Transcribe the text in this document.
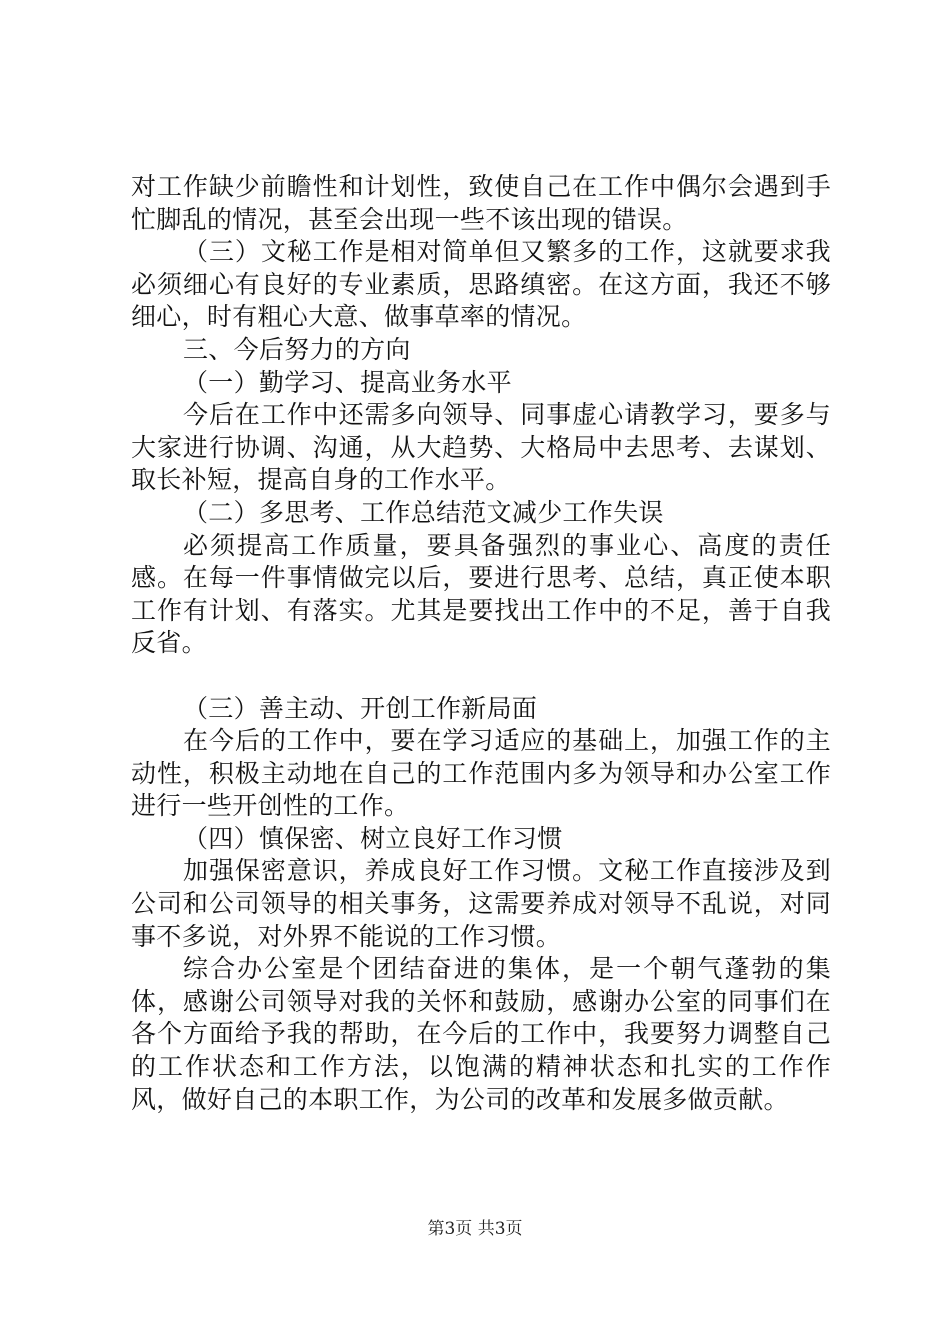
对工作缺少前瞻性和计划性，致使自己在工作中偶尔会遇到手忙脚乱的情况，甚至会出现一些不该出现的错误。

（三）文秘工作是相对简单但又繁多的工作，这就要求我必须细心有良好的专业素质，思路缜密。在这方面，我还不够细心，时有粗心大意、做事草率的情况。

三、今后努力的方向

（一）勤学习、提高业务水平

今后在工作中还需多向领导、同事虚心请教学习，要多与大家进行协调、沟通，从大趋势、大格局中去思考、去谋划、取长补短，提高自身的工作水平。

（二）多思考、工作总结范文减少工作失误

必须提高工作质量，要具备强烈的事业心、高度的责任感。在每一件事情做完以后，要进行思考、总结，真正使本职工作有计划、有落实。尤其是要找出工作中的不足，善于自我反省。

（三）善主动、开创工作新局面

在今后的工作中，要在学习适应的基础上，加强工作的主动性，积极主动地在自己的工作范围内多为领导和办公室工作进行一些开创性的工作。

（四）慎保密、树立良好工作习惯

加强保密意识，养成良好工作习惯。文秘工作直接涉及到公司和公司领导的相关事务，这需要养成对领导不乱说，对同事不多说，对外界不能说的工作习惯。

综合办公室是个团结奋进的集体，是一个朝气蓬勃的集体，感谢公司领导对我的关怀和鼓励，感谢办公室的同事们在各个方面给予我的帮助，在今后的工作中，我要努力调整自己的工作状态和工作方法，以饱满的精神状态和扎实的工作作风，做好自己的本职工作，为公司的改革和发展多做贡献。

第3页 共3页
